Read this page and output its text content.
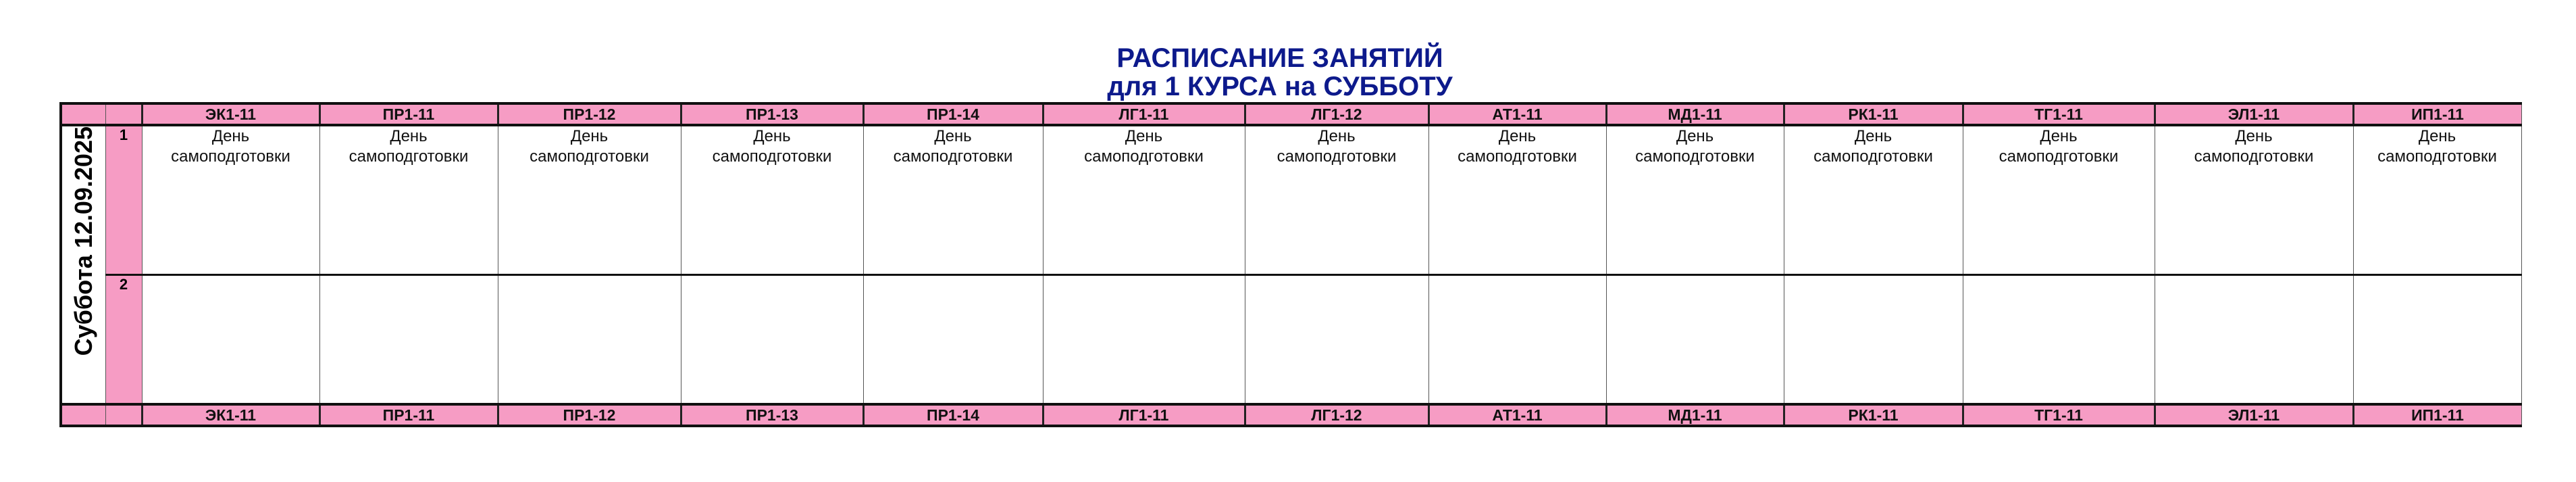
РАСПИСАНИЕ ЗАНЯТИЙ
для 1 КУРСА на СУББОТУ
		ЭК1-11	ПР1-11	ПР1-12	ПР1-13	ПР1-14	ЛГ1-11	ЛГ1-12	АТ1-11	МД1-11	РК1-11	ТГ1-11	ЭЛ1-11	ИП1-11
Суббота 12.09.2025	1	День
самоподготовки	День
самоподготовки	День
самоподготовки	День
самоподготовки	День
самоподготовки	День
самоподготовки	День
самоподготовки	День
самоподготовки	День
самоподготовки	День
самоподготовки	День
самоподготовки	День
самоподготовки	День
самоподготовки

	2													
		ЭК1-11	ПР1-11	ПР1-12	ПР1-13	ПР1-14	ЛГ1-11	ЛГ1-12	АТ1-11	МД1-11	РК1-11	ТГ1-11	ЭЛ1-11	ИП1-11
